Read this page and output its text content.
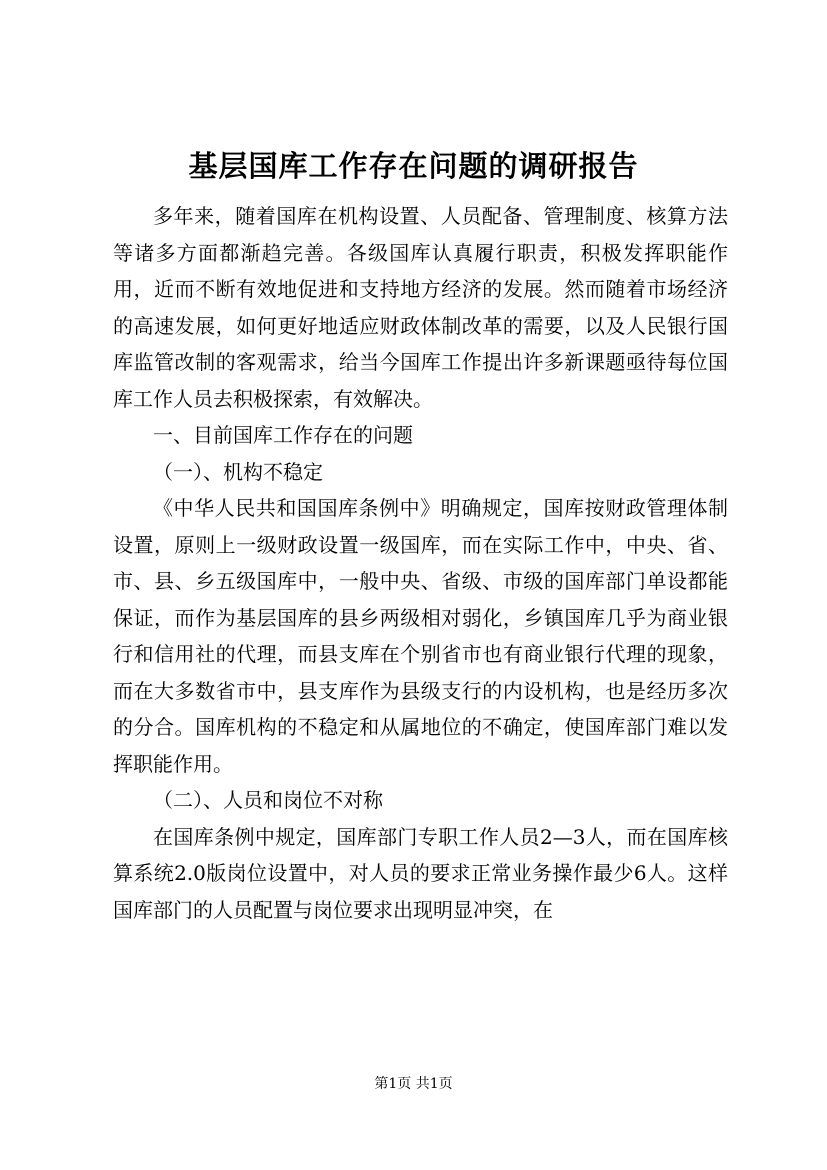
基层国库工作存在问题的调研报告

多年来，随着国库在机构设置、人员配备、管理制度、核算方法等诸多方面都渐趋完善。各级国库认真履行职责，积极发挥职能作用，近而不断有效地促进和支持地方经济的发展。然而随着市场经济的高速发展，如何更好地适应财政体制改革的需要，以及人民银行国库监管改制的客观需求，给当今国库工作提出许多新课题亟待每位国库工作人员去积极探索，有效解决。

一、目前国库工作存在的问题

（一）、机构不稳定

《中华人民共和国国库条例中》明确规定，国库按财政管理体制设置，原则上一级财政设置一级国库，而在实际工作中，中央、省、市、县、乡五级国库中，一般中央、省级、市级的国库部门单设都能保证，而作为基层国库的县乡两级相对弱化，乡镇国库几乎为商业银行和信用社的代理，而县支库在个别省市也有商业银行代理的现象，而在大多数省市中，县支库作为县级支行的内设机构，也是经历多次的分合。国库机构的不稳定和从属地位的不确定，使国库部门难以发挥职能作用。

（二）、人员和岗位不对称

在国库条例中规定，国库部门专职工作人员2—3人，而在国库核算系统2.0版岗位设置中，对人员的要求正常业务操作最少6人。这样国库部门的人员配置与岗位要求出现明显冲突，在

第1页 共1页
